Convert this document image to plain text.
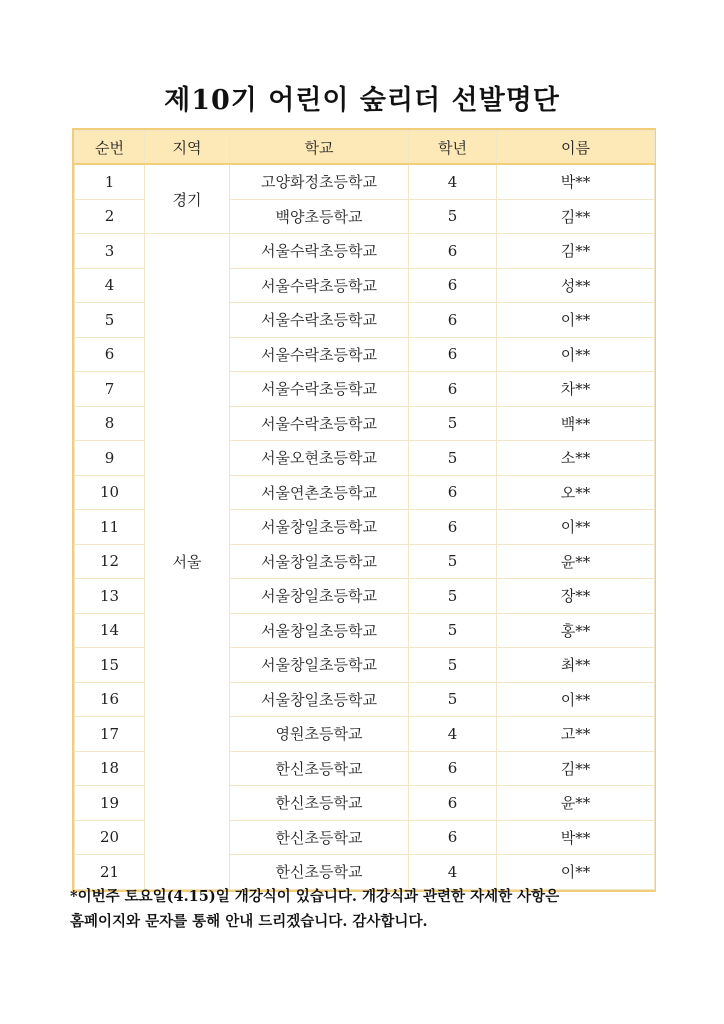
제10기 어린이 숲리더 선발명단
순번	지역	학교	학년	이름
1	경기	고양화정초등학교	4	박**
2		백양초등학교	5	김**
3	서울	서울수락초등학교	6	김**
4		서울수락초등학교	6	성**
5		서울수락초등학교	6	이**
6		서울수락초등학교	6	이**
7		서울수락초등학교	6	차**
8		서울수락초등학교	5	백**
9		서울오현초등학교	5	소**
10		서울연촌초등학교	6	오**
11		서울창일초등학교	6	이**
12		서울창일초등학교	5	윤**
13		서울창일초등학교	5	장**
14		서울창일초등학교	5	홍**
15		서울창일초등학교	5	최**
16		서울창일초등학교	5	이**
17		영원초등학교	4	고**
18		한신초등학교	6	김**
19		한신초등학교	6	윤**
20		한신초등학교	6	박**
21		한신초등학교	4	이**
*이번주 토요일(4.15)일 개강식이 있습니다. 개강식과 관련한 자세한 사항은
홈페이지와 문자를 통해 안내 드리겠습니다. 감사합니다.
